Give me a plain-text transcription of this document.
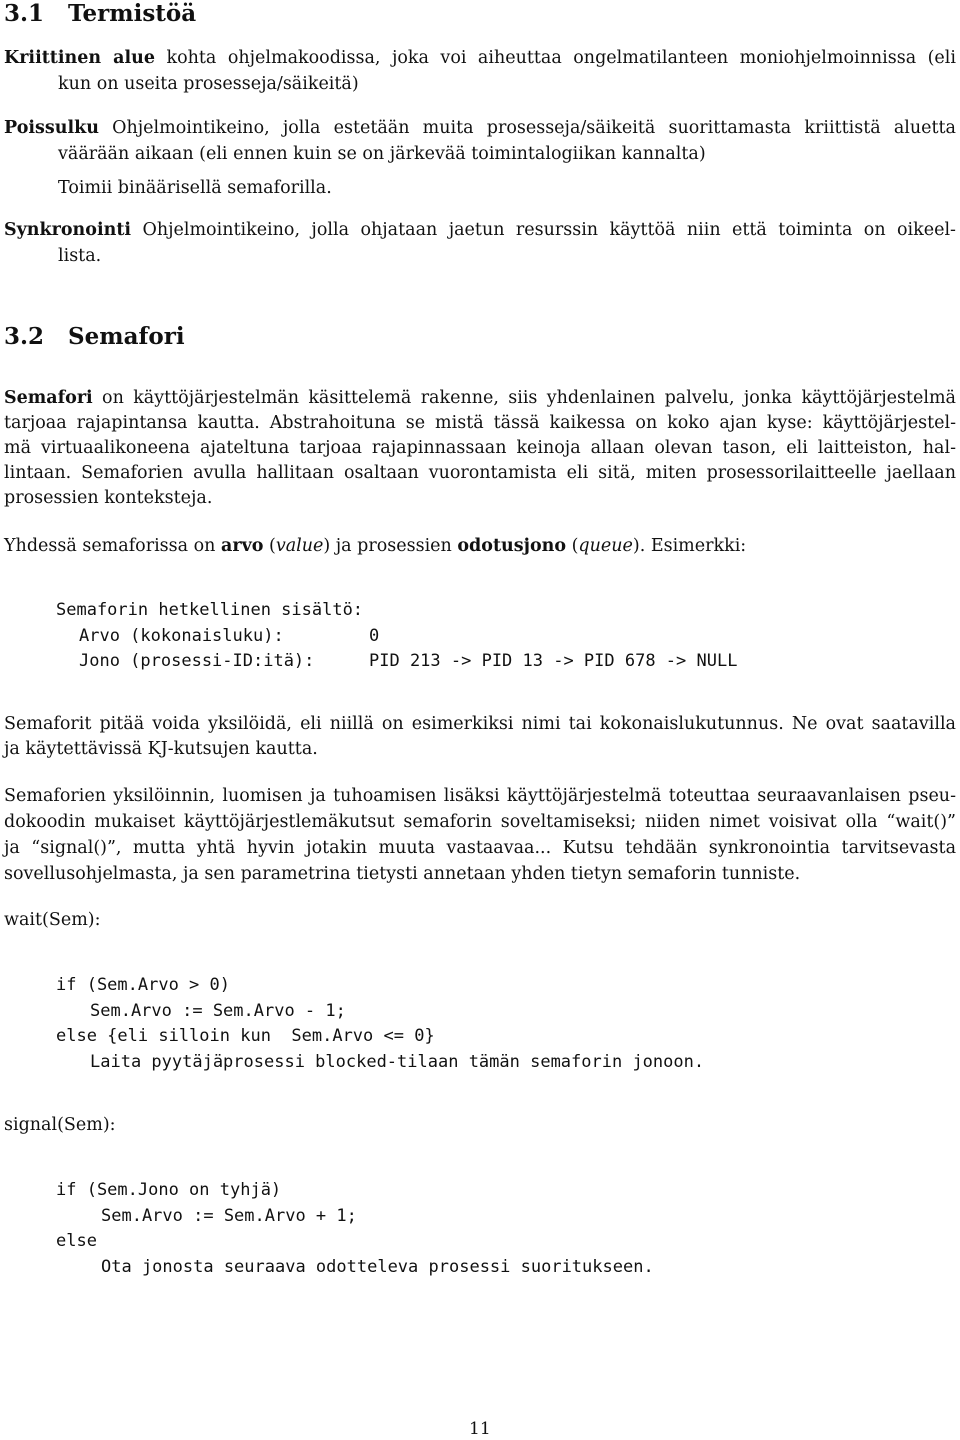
3.1 Termistöä
Kriittinen alue kohta ohjelmakoodissa, joka voi aiheuttaa ongelmatilanteen moniohjelmoinnissa (eli
kun on useita prosesseja/säikeitä)
Poissulku Ohjelmointikeino, jolla estetään muita prosesseja/säikeitä suorittamasta kriittistä aluetta
väärään aikaan (eli ennen kuin se on järkevää toimintalogiikan kannalta)
Toimii binäärisellä semaforilla.
Synkronointi Ohjelmointikeino, jolla ohjataan jaetun resurssin käyttöä niin että toiminta on oikeel-
lista.
3.2 Semafori
Semafori on käyttöjärjestelmän käsittelemä rakenne, siis yhdenlainen palvelu, jonka käyttöjärjestelmä
tarjoaa rajapintansa kautta. Abstrahoituna se mistä tässä kaikessa on koko ajan kyse: käyttöjärjestel-
mä virtuaalikoneena ajateltuna tarjoaa rajapinnassaan keinoja allaan olevan tason, eli laitteiston, hal-
lintaan. Semaforien avulla hallitaan osaltaan vuorontamista eli sitä, miten prosessorilaitteelle jaellaan
prosessien konteksteja.
Yhdessä semaforissa on arvo (value) ja prosessien odotusjono (queue). Esimerkki:
Semaforin hetkellinen sisältö:
Arvo (kokonaisluku):	0
Jono (prosessi-ID:itä):	PID 213 -> PID 13 -> PID 678 -> NULL
Semaforit pitää voida yksilöidä, eli niillä on esimerkiksi nimi tai kokonaislukutunnus. Ne ovat saatavilla
ja käytettävissä KJ-kutsujen kautta.
Semaforien yksilöinnin, luomisen ja tuhoamisen lisäksi käyttöjärjestelmä toteuttaa seuraavanlaisen pseu-
dokoodin mukaiset käyttöjärjestlemäkutsut semaforin soveltamiseksi; niiden nimet voisivat olla “wait()”
ja “signal()”, mutta yhtä hyvin jotakin muuta vastaavaa... Kutsu tehdään synkronointia tarvitsevasta
sovellusohjelmasta, ja sen parametrina tietysti annetaan yhden tietyn semaforin tunniste.
wait(Sem):
if (Sem.Arvo > 0)
Sem.Arvo := Sem.Arvo - 1;
else {eli silloin kun  Sem.Arvo <= 0}
Laita pyytäjäprosessi blocked-tilaan tämän semaforin jonoon.
signal(Sem):
if (Sem.Jono on tyhjä)
Sem.Arvo := Sem.Arvo + 1;
else
Ota jonosta seuraava odotteleva prosessi suoritukseen.
11
